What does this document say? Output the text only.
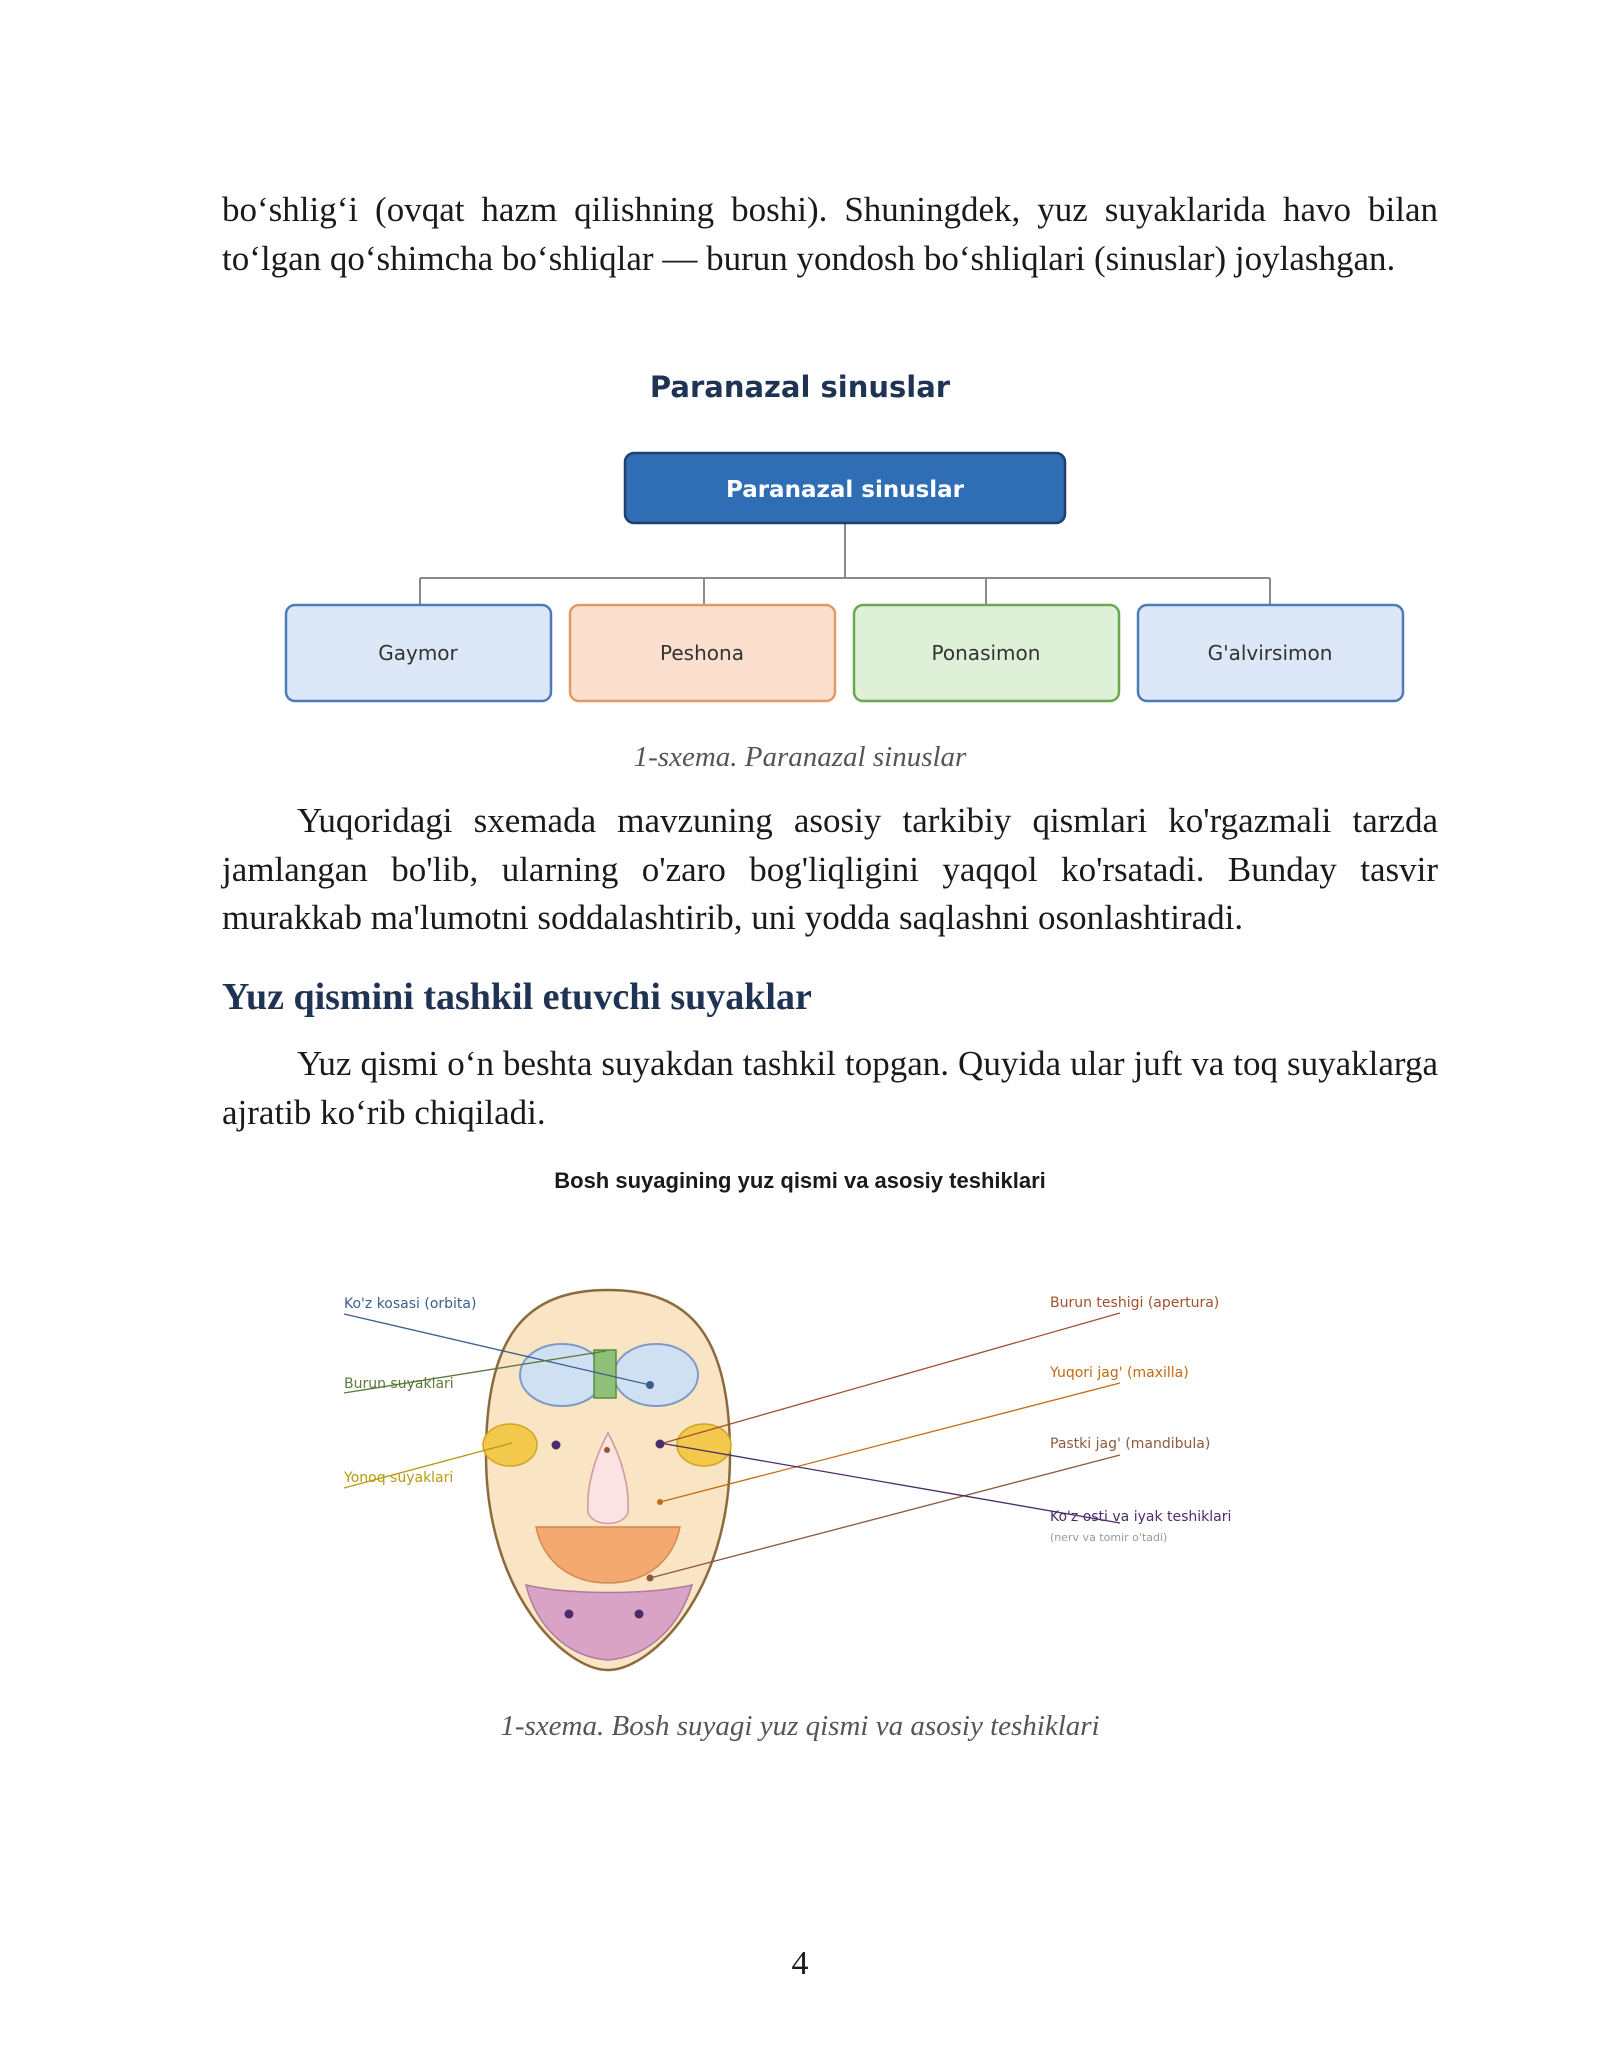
bo‘shlig‘i (ovqat hazm qilishning boshi). Shuningdek, yuz suyaklarida havo bilan to‘lgan qo‘shimcha bo‘shliqlar — burun yondosh bo‘shliqlari (sinuslar) joylashgan.

Paranazal sinuslar

Paranazal sinuslar
Gaymor	Peshona	Ponasimon	G'alvirsimon

1-sxema. Paranazal sinuslar

Yuqoridagi sxemada mavzuning asosiy tarkibiy qismlari ko'rgazmali tarzda jamlangan bo'lib, ularning o'zaro bog'liqligini yaqqol ko'rsatadi. Bunday tasvir murakkab ma'lumotni soddalashtirib, uni yodda saqlashni osonlashtiradi.

Yuz qismini tashkil etuvchi suyaklar

Yuz qismi o‘n beshta suyakdan tashkil topgan. Quyida ular juft va toq suyaklarga ajratib ko‘rib chiqiladi.

Bosh suyagining yuz qismi va asosiy teshiklari

Ko'z kosasi (orbita)
Burun suyaklari
Yonoq suyaklari
Burun teshigi (apertura)
Yuqori jag' (maxilla)
Pastki jag' (mandibula)
Ko'z osti va iyak teshiklari
(nerv va tomir o'tadi)

1-sxema. Bosh suyagi yuz qismi va asosiy teshiklari

4
